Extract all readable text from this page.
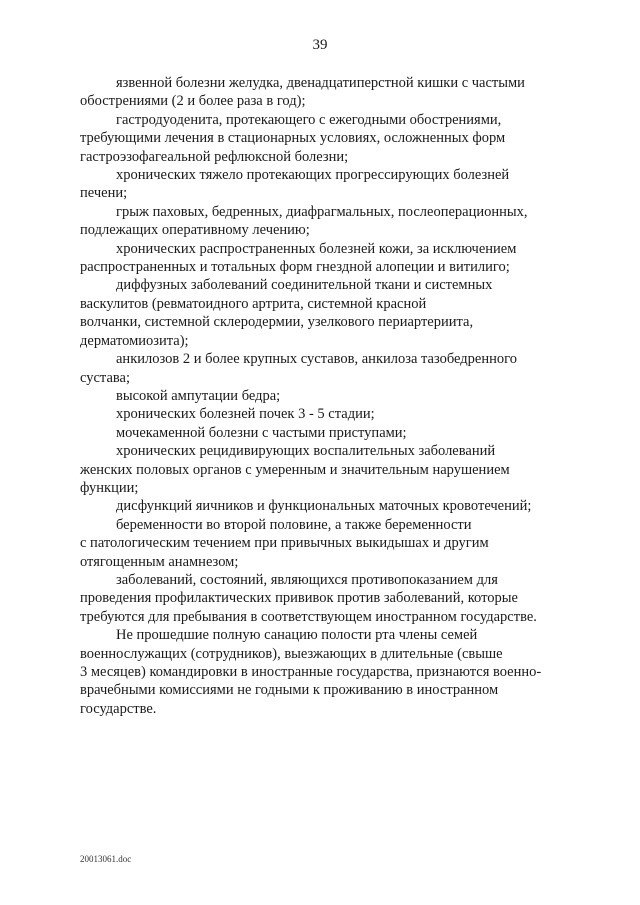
39

язвенной болезни желудка, двенадцатиперстной кишки с частыми
обострениями (2 и более раза в год);

гастродуоденита, протекающего с ежегодными обострениями,
требующими лечения в стационарных условиях, осложненных форм
гастроэзофагеальной рефлюксной болезни;

хронических тяжело протекающих прогрессирующих болезней
печени;

грыж паховых, бедренных, диафрагмальных, послеоперационных,
подлежащих оперативному лечению;

хронических распространенных болезней кожи, за исключением
распространенных и тотальных форм гнездной алопеции и витилиго;

диффузных заболеваний соединительной ткани и системных
васкулитов (ревматоидного артрита, системной красной
волчанки, системной склеродермии, узелкового периартериита,
дерматомиозита);

анкилозов 2 и более крупных суставов, анкилоза тазобедренного
сустава;

высокой ампутации бедра;

хронических болезней почек 3 - 5 стадии;

мочекаменной болезни с частыми приступами;

хронических рецидивирующих воспалительных заболеваний
женских половых органов с умеренным и значительным нарушением
функции;

дисфункций яичников и функциональных маточных кровотечений;

беременности во второй половине, а также беременности
с патологическим течением при привычных выкидышах и другим
отягощенным анамнезом;

заболеваний, состояний, являющихся противопоказанием для
проведения профилактических прививок против заболеваний, которые
требуются для пребывания в соответствующем иностранном государстве.

Не прошедшие полную санацию полости рта члены семей
военнослужащих (сотрудников), выезжающих в длительные (свыше
3 месяцев) командировки в иностранные государства, признаются военно-
врачебными комиссиями не годными к проживанию в иностранном
государстве.

20013061.doc
